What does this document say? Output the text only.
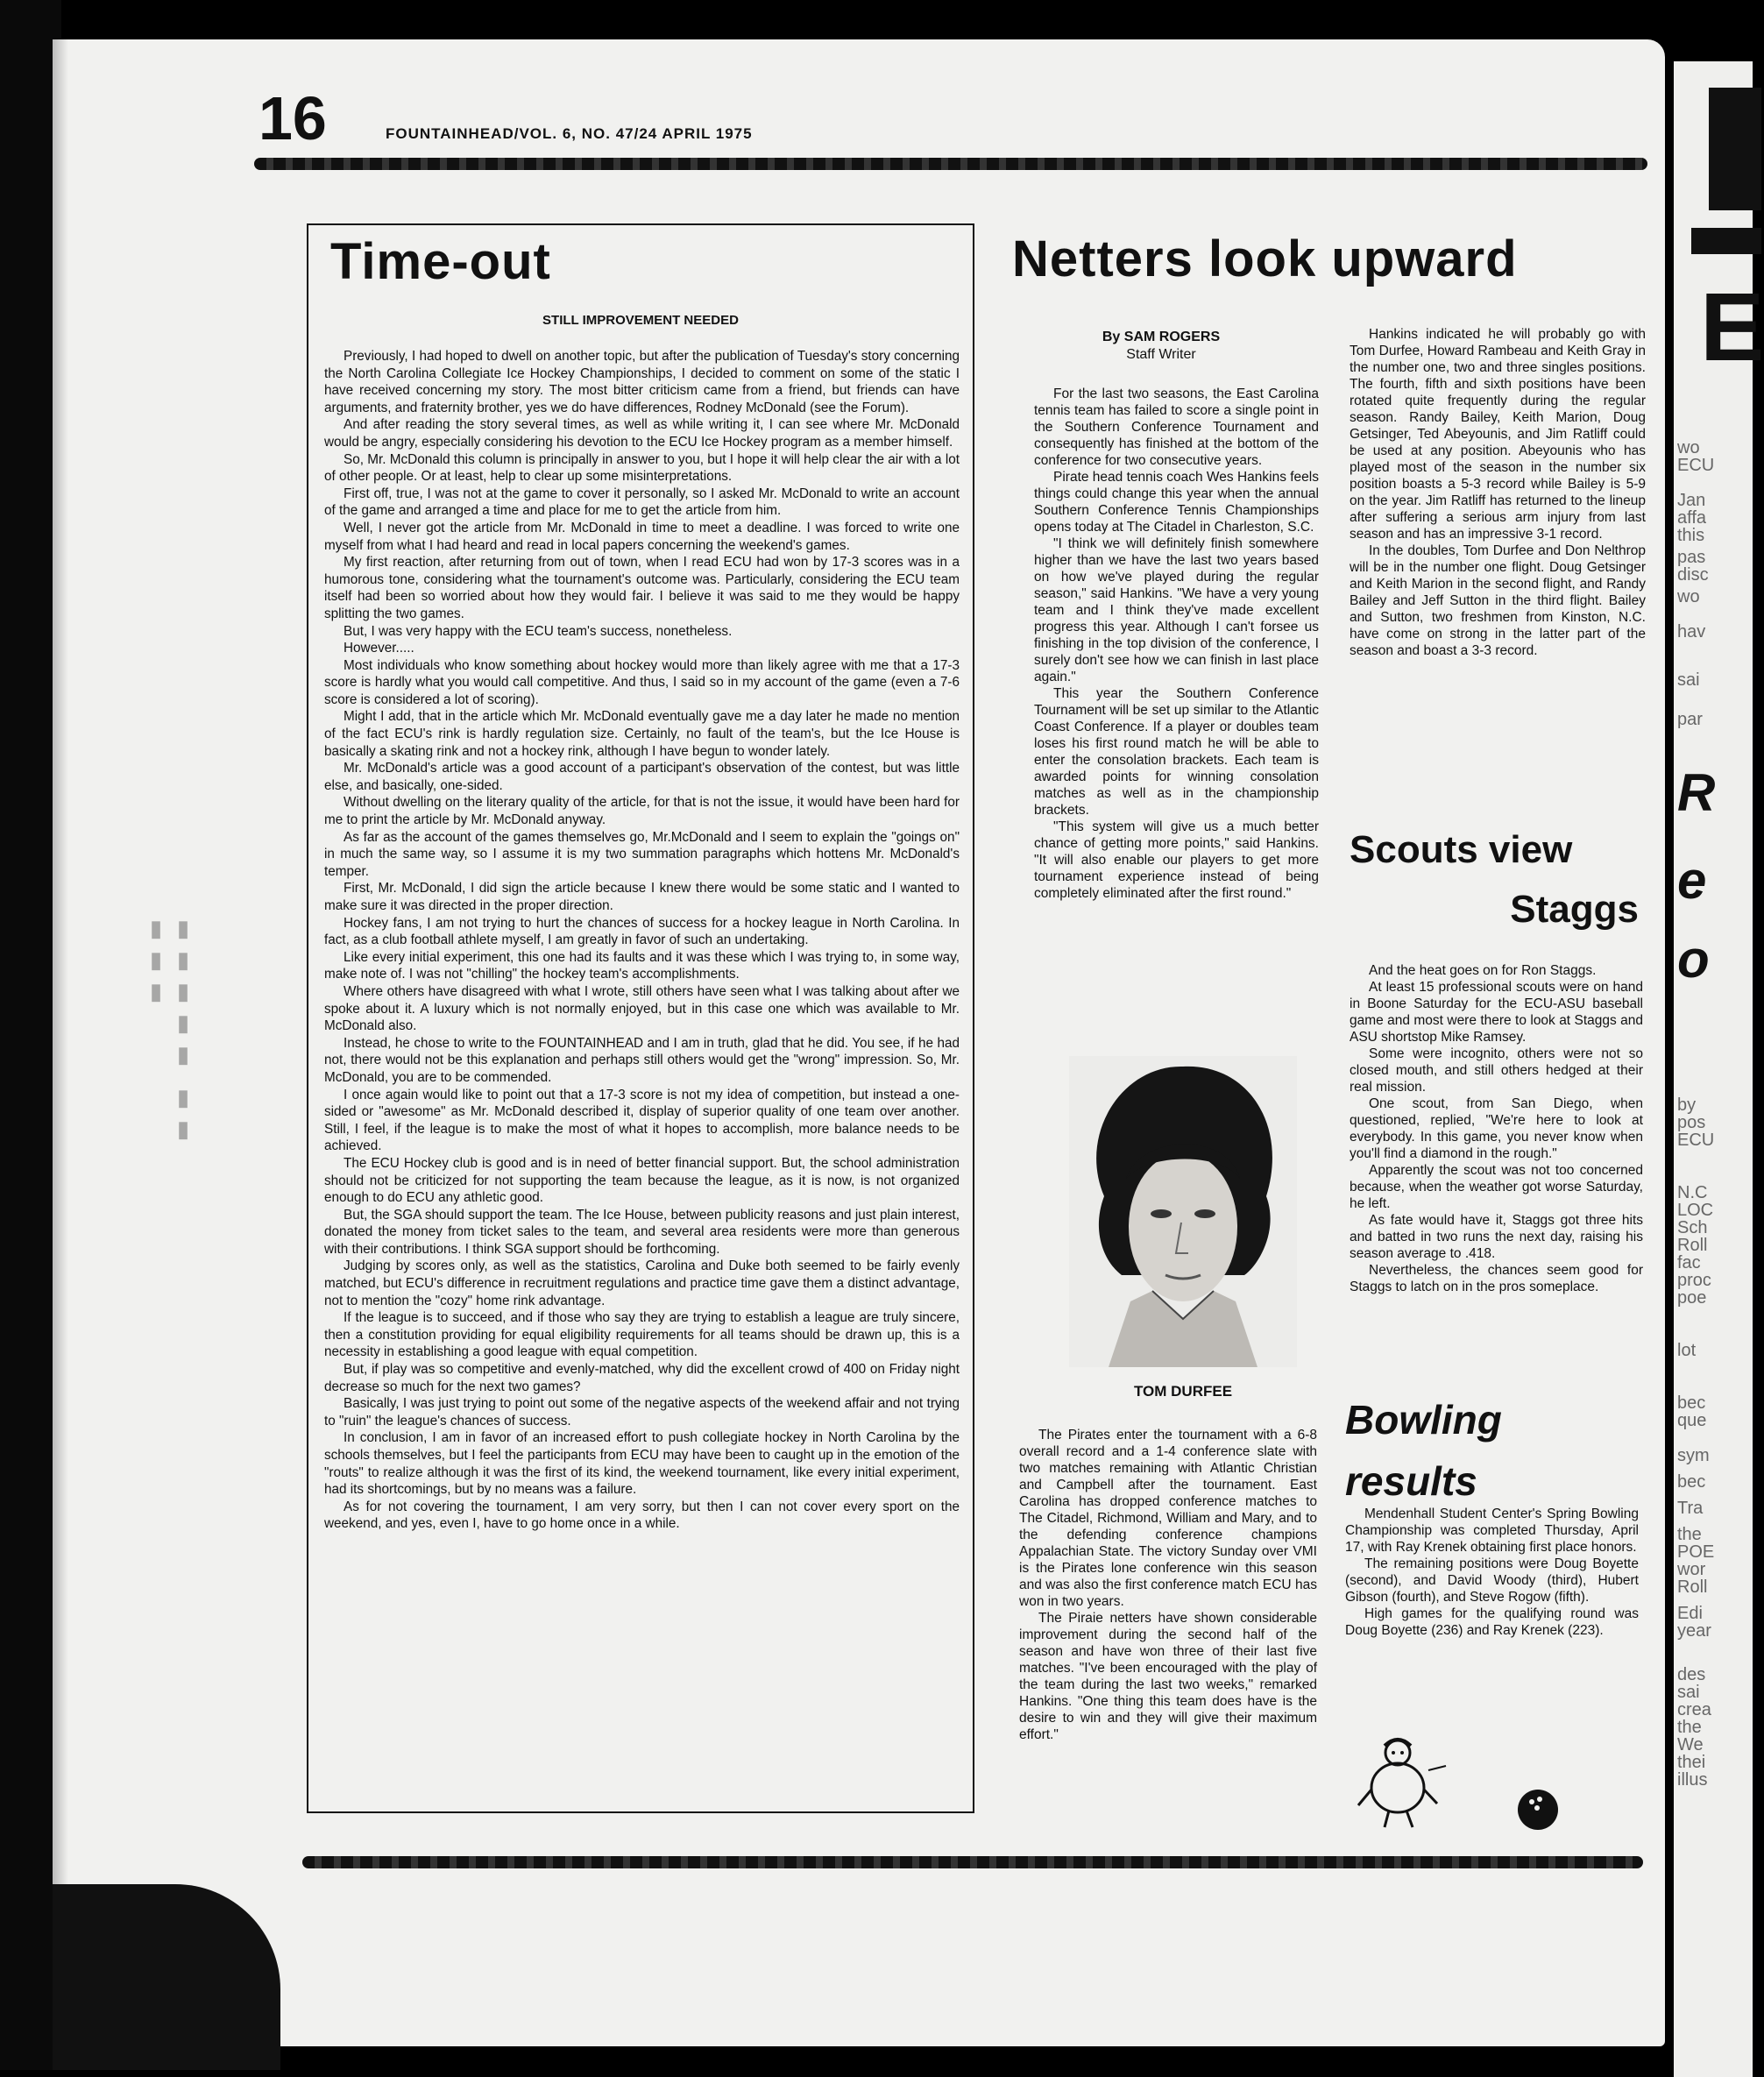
E
wo
ECU
Jan
affa
this
pas
disc
wo
hav
sai
par
R
e
o
by
pos
ECU
N.C
LOC
Sch
Roll
fac
proc
poe
lot
bec
que
sym
bec
Tra
the
POE
wor
Roll
Edi
year
des
sai
crea
the
We
thei
illus
▮▮▮▮▮ ▮▮ ▮▮▮
16	FOUNTAINHEAD/VOL. 6, NO. 47/24 APRIL 1975
Time-out
STILL IMPROVEMENT NEEDED

Previously, I had hoped to dwell on another topic, but after the publication of Tuesday's story concerning the North Carolina Collegiate Ice Hockey Championships, I decided to comment on some of the static I have received concerning my story. The most bitter criticism came from a friend, but friends can have arguments, and fraternity brother, yes we do have differences, Rodney McDonald (see the Forum).

And after reading the story several times, as well as while writing it, I can see where Mr. McDonald would be angry, especially considering his devotion to the ECU Ice Hockey program as a member himself.

So, Mr. McDonald this column is principally in answer to you, but I hope it will help clear the air with a lot of other people. Or at least, help to clear up some misinterpretations.

First off, true, I was not at the game to cover it personally, so I asked Mr. McDonald to write an account of the game and arranged a time and place for me to get the article from him.

Well, I never got the article from Mr. McDonald in time to meet a deadline. I was forced to write one myself from what I had heard and read in local papers concerning the weekend's games.

My first reaction, after returning from out of town, when I read ECU had won by 17-3 scores was in a humorous tone, considering what the tournament's outcome was. Particularly, considering the ECU team itself had been so worried about how they would fair. I believe it was said to me they would be happy splitting the two games.

But, I was very happy with the ECU team's success, nonetheless.

However.....

Most individuals who know something about hockey would more than likely agree with me that a 17-3 score is hardly what you would call competitive. And thus, I said so in my account of the game (even a 7-6 score is considered a lot of scoring).

Might I add, that in the article which Mr. McDonald eventually gave me a day later he made no mention of the fact ECU's rink is hardly regulation size. Certainly, no fault of the team's, but the Ice House is basically a skating rink and not a hockey rink, although I have begun to wonder lately.

Mr. McDonald's article was a good account of a participant's observation of the contest, but was little else, and basically, one-sided.

Without dwelling on the literary quality of the article, for that is not the issue, it would have been hard for me to print the article by Mr. McDonald anyway.

As far as the account of the games themselves go, Mr.McDonald and I seem to explain the "goings on" in much the same way, so I assume it is my two summation paragraphs which hottens Mr. McDonald's temper.

First, Mr. McDonald, I did sign the article because I knew there would be some static and I wanted to make sure it was directed in the proper direction.

Hockey fans, I am not trying to hurt the chances of success for a hockey league in North Carolina. In fact, as a club football athlete myself, I am greatly in favor of such an undertaking.

Like every initial experiment, this one had its faults and it was these which I was trying to, in some way, make note of. I was not "chilling" the hockey team's accomplishments.

Where others have disagreed with what I wrote, still others have seen what I was talking about after we spoke about it. A luxury which is not normally enjoyed, but in this case one which was available to Mr. McDonald also.

Instead, he chose to write to the FOUNTAINHEAD and I am in truth, glad that he did. You see, if he had not, there would not be this explanation and perhaps still others would get the "wrong" impression. So, Mr. McDonald, you are to be commended.

I once again would like to point out that a 17-3 score is not my idea of competition, but instead a one-sided or "awesome" as Mr. McDonald described it, display of superior quality of one team over another. Still, I feel, if the league is to make the most of what it hopes to accomplish, more balance needs to be achieved.

The ECU Hockey club is good and is in need of better financial support. But, the school administration should not be criticized for not supporting the team because the league, as it is now, is not organized enough to do ECU any athletic good.

But, the SGA should support the team. The Ice House, between publicity reasons and just plain interest, donated the money from ticket sales to the team, and several area residents were more than generous with their contributions. I think SGA support should be forthcoming.

Judging by scores only, as well as the statistics, Carolina and Duke both seemed to be fairly evenly matched, but ECU's difference in recruitment regulations and practice time gave them a distinct advantage, not to mention the "cozy" home rink advantage.

If the league is to succeed, and if those who say they are trying to establish a league are truly sincere, then a constitution providing for equal eligibility requirements for all teams should be drawn up, this is a necessity in establishing a good league with equal competition.

But, if play was so competitive and evenly-matched, why did the excellent crowd of 400 on Friday night decrease so much for the next two games?

Basically, I was just trying to point out some of the negative aspects of the weekend affair and not trying to "ruin" the league's chances of success.

In conclusion, I am in favor of an increased effort to push collegiate hockey in North Carolina by the schools themselves, but I feel the participants from ECU may have been to caught up in the emotion of the "routs" to realize although it was the first of its kind, the weekend tournament, like every initial experiment, had its shortcomings, but by no means was a failure.

As for not covering the tournament, I am very sorry, but then I can not cover every sport on the weekend, and yes, even I, have to go home once in a while.

Netters look upward
By SAM ROGERS
Staff Writer

For the last two seasons, the East Carolina tennis team has failed to score a single point in the Southern Conference Tournament and consequently has finished at the bottom of the conference for two consecutive years.

Pirate head tennis coach Wes Hankins feels things could change this year when the annual Southern Conference Tennis Championships opens today at The Citadel in Charleston, S.C.

"I think we will definitely finish somewhere higher than we have the last two years based on how we've played during the regular season," said Hankins. "We have a very young team and I think they've made excellent progress this year. Although I can't forsee us finishing in the top division of the conference, I surely don't see how we can finish in last place again."

This year the Southern Conference Tournament will be set up similar to the Atlantic Coast Conference. If a player or doubles team loses his first round match he will be able to enter the consolation brackets. Each team is awarded points for winning consolation matches as well as in the championship brackets.

"This system will give us a much better chance of getting more points," said Hankins. "It will also enable our players to get more tournament experience instead of being completely eliminated after the first round."

TOM DURFEE

The Pirates enter the tournament with a 6-8 overall record and a 1-4 conference slate with two matches remaining with Atlantic Christian and Campbell after the tournament. East Carolina has dropped conference matches to The Citadel, Richmond, William and Mary, and to the defending conference champions Appalachian State. The victory Sunday over VMI is the Pirates lone conference win this season and was also the first conference match ECU has won in two years.

The Piraie netters have shown considerable improvement during the second half of the season and have won three of their last five matches. "I've been encouraged with the play of the team during the last two weeks," remarked Hankins. "One thing this team does have is the desire to win and they will give their maximum effort."

Hankins indicated he will probably go with Tom Durfee, Howard Rambeau and Keith Gray in the number one, two and three singles positions. The fourth, fifth and sixth positions have been rotated quite frequently during the regular season. Randy Bailey, Keith Marion, Doug Getsinger, Ted Abeyounis, and Jim Ratliff could be used at any position. Abeyounis who has played most of the season in the number six position boasts a 5-3 record while Bailey is 5-9 on the year. Jim Ratliff has returned to the lineup after suffering a serious arm injury from last season and has an impressive 3-1 record.

In the doubles, Tom Durfee and Don Nelthrop will be in the number one flight. Doug Getsinger and Keith Marion in the second flight, and Randy Bailey and Jeff Sutton in the third flight. Bailey and Sutton, two freshmen from Kinston, N.C. have come on strong in the latter part of the season and boast a 3-3 record.

Scouts view
Staggs

And the heat goes on for Ron Staggs.

At least 15 professional scouts were on hand in Boone Saturday for the ECU-ASU baseball game and most were there to look at Staggs and ASU shortstop Mike Ramsey.

Some were incognito, others were not so closed mouth, and still others hedged at their real mission.

One scout, from San Diego, when questioned, replied, "We're here to look at everybody. In this game, you never know when you'll find a diamond in the rough."

Apparently the scout was not too concerned because, when the weather got worse Saturday, he left.

As fate would have it, Staggs got three hits and batted in two runs the next day, raising his season average to .418.

Nevertheless, the chances seem good for Staggs to latch on in the pros someplace.

Bowling
results

Mendenhall Student Center's Spring Bowling Championship was completed Thursday, April 17, with Ray Krenek obtaining first place honors.

The remaining positions were Doug Boyette (second), and David Woody (third), Hubert Gibson (fourth), and Steve Rogow (fifth).

High games for the qualifying round was Doug Boyette (236) and Ray Krenek (223).
